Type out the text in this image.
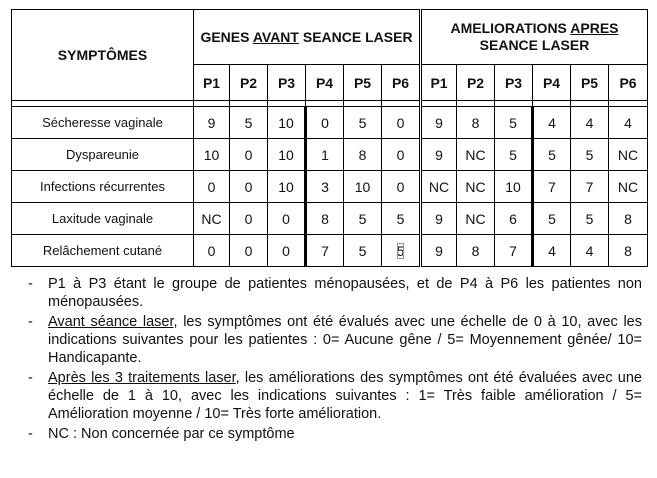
SYMPTÔMES	GENES AVANT SEANCE LASER						AMELIORATIONS APRES SEANCE LASER					
	P1	P2	P3	P4	P5	P6	P1	P2	P3	P4	P5	P6

Sécheresse vaginale	9	5	10	0	5	0	9	8	5	4	4	4
Dyspareunie	10	0	10	1	8	0	9	NC	5	5	5	NC
Infections récurrentes	0	0	10	3	10	0	NC	NC	10	7	7	NC
Laxitude vaginale	NC	0	0	8	5	5	9	NC	6	5	5	8
Relâchement cutané	0	0	0	7	5	5	9	8	7	4	4	8

- P1 à P3 étant le groupe de patientes ménopausées, et de P4 à P6 les patientes non ménopausées.

- Avant séance laser, les symptômes ont été évalués avec une échelle de 0 à 10, avec les indications suivantes pour les patientes : 0= Aucune gêne / 5= Moyennement gênée/ 10= Handicapante.

- Après les 3 traitements laser, les améliorations des symptômes ont été évaluées avec une échelle de 1 à 10, avec les indications suivantes : 1= Très faible amélioration / 5= Amélioration moyenne / 10= Très forte amélioration.

- NC : Non concernée par ce symptôme
